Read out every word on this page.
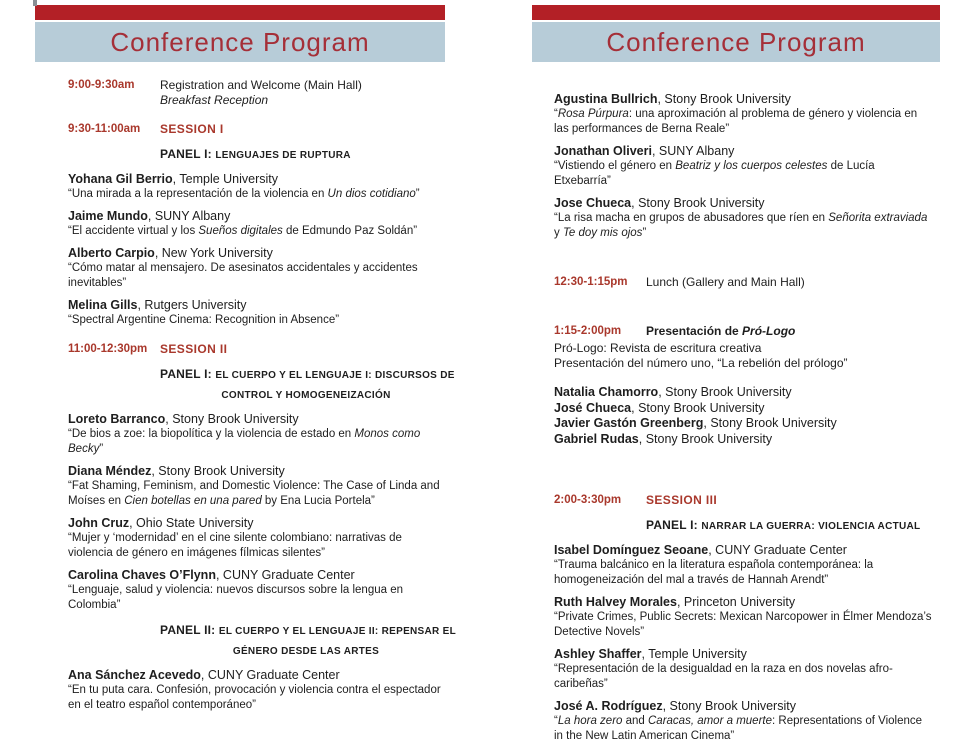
Conference Program
9:00-9:30am	Registration and Welcome (Main Hall)
Breakfast Reception
9:30-11:00am	SESSION I
PANEL I: LENGUAJES DE RUPTURA
Yohana Gil Berrio, Temple University
“Una mirada a la representación de la violencia en Un dios cotidiano”
Jaime Mundo, SUNY Albany
“El accidente virtual y los Sueños digitales de Edmundo Paz Soldán”
Alberto Carpio, New York University
“Cómo matar al mensajero. De asesinatos accidentales y accidentes inevitables”
Melina Gills, Rutgers University
“Spectral Argentine Cinema: Recognition in Absence”
11:00-12:30pm	SESSION II
PANEL I: EL CUERPO Y EL LENGUAJE I: DISCURSOS DE
CONTROL Y HOMOGENEIZACIÓN
Loreto Barranco, Stony Brook University
“De bios a zoe: la biopolítica y la violencia de estado en Monos como Becky”
Diana Méndez, Stony Brook University
“Fat Shaming, Feminism, and Domestic Violence: The Case of Linda and Moíses en Cien botellas en una pared by Ena Lucia Portela”
John Cruz, Ohio State University
“Mujer y ‘modernidad’ en el cine silente colombiano: narrativas de violencia de género en imágenes fílmicas silentes”
Carolina Chaves O’Flynn, CUNY Graduate Center
“Lenguaje, salud y violencia: nuevos discursos sobre la lengua en Colombia”
PANEL II: EL CUERPO Y EL LENGUAJE II: REPENSAR EL
GÉNERO DESDE LAS ARTES
Ana Sánchez Acevedo, CUNY Graduate Center
“En tu puta cara. Confesión, provocación y violencia contra el espectador en el teatro español contemporáneo”
Conference Program
Agustina Bullrich, Stony Brook University
“Rosa Púrpura: una aproximación al problema de género y violencia en las performances de Berna Reale”
Jonathan Oliveri, SUNY Albany
“Vistiendo el género en Beatriz y los cuerpos celestes de Lucía Etxebarría”
Jose Chueca, Stony Brook University
“La risa macha en grupos de abusadores que ríen en Señorita extraviada y Te doy mis ojos”
12:30-1:15pm	Lunch (Gallery and Main Hall)
1:15-2:00pm	Presentación de Pró-Logo
Pró-Logo: Revista de escritura creativa
Presentación del número uno, “La rebelión del prólogo”
Natalia Chamorro, Stony Brook University
José Chueca, Stony Brook University
Javier Gastón Greenberg, Stony Brook University
Gabriel Rudas, Stony Brook University
2:00-3:30pm	SESSION III
PANEL I: NARRAR LA GUERRA: VIOLENCIA ACTUAL
Isabel Domínguez Seoane, CUNY Graduate Center
“Trauma balcánico en la literatura española contemporánea: la homogeneización del mal a través de Hannah Arendt”
Ruth Halvey Morales, Princeton University
“Private Crimes, Public Secrets: Mexican Narcopower in Élmer Mendoza’s Detective Novels”
Ashley Shaffer, Temple University
“Representación de la desigualdad en la raza en dos novelas afro-caribeñas”
José A. Rodríguez, Stony Brook University
“La hora zero and Caracas, amor a muerte: Representations of Violence in the New Latin American Cinema”
